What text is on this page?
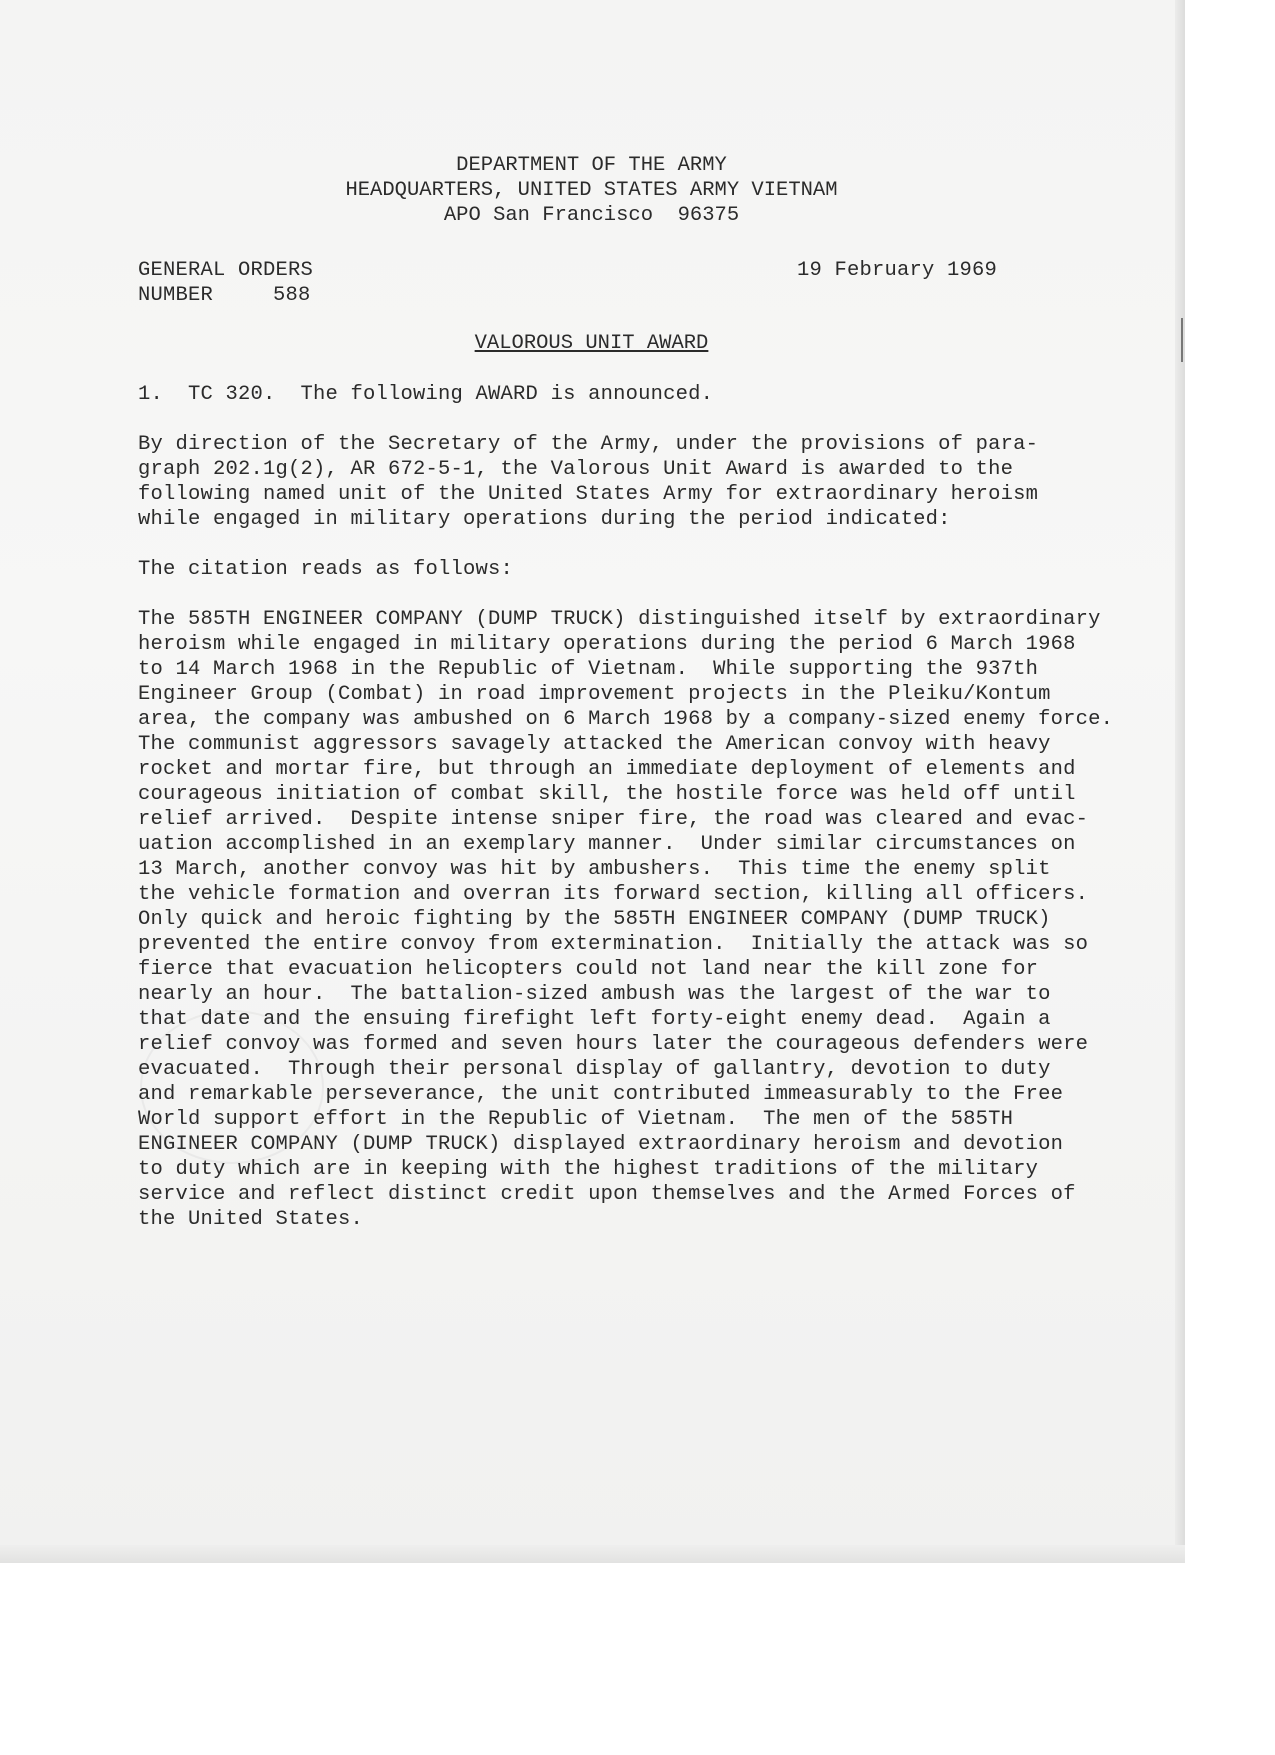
DEPARTMENT OF THE ARMY
HEADQUARTERS, UNITED STATES ARMY VIETNAM
APO San Francisco  96375
GENERAL ORDERS
NUMBER	588
19 February 1969
VALOROUS UNIT AWARD
1.  TC 320.  The following AWARD is announced.
By direction of the Secretary of the Army, under the provisions of para-
graph 202.1g(2), AR 672-5-1, the Valorous Unit Award is awarded to the
following named unit of the United States Army for extraordinary heroism
while engaged in military operations during the period indicated:
The citation reads as follows:
The 585TH ENGINEER COMPANY (DUMP TRUCK) distinguished itself by extraordinary
heroism while engaged in military operations during the period 6 March 1968
to 14 March 1968 in the Republic of Vietnam.  While supporting the 937th
Engineer Group (Combat) in road improvement projects in the Pleiku/Kontum
area, the company was ambushed on 6 March 1968 by a company-sized enemy force.
The communist aggressors savagely attacked the American convoy with heavy
rocket and mortar fire, but through an immediate deployment of elements and
courageous initiation of combat skill, the hostile force was held off until
relief arrived.  Despite intense sniper fire, the road was cleared and evac-
uation accomplished in an exemplary manner.  Under similar circumstances on
13 March, another convoy was hit by ambushers.  This time the enemy split
the vehicle formation and overran its forward section, killing all officers.
Only quick and heroic fighting by the 585TH ENGINEER COMPANY (DUMP TRUCK)
prevented the entire convoy from extermination.  Initially the attack was so
fierce that evacuation helicopters could not land near the kill zone for
nearly an hour.  The battalion-sized ambush was the largest of the war to
that date and the ensuing firefight left forty-eight enemy dead.  Again a
relief convoy was formed and seven hours later the courageous defenders were
evacuated.  Through their personal display of gallantry, devotion to duty
and remarkable perseverance, the unit contributed immeasurably to the Free
World support effort in the Republic of Vietnam.  The men of the 585TH
ENGINEER COMPANY (DUMP TRUCK) displayed extraordinary heroism and devotion
to duty which are in keeping with the highest traditions of the military
service and reflect distinct credit upon themselves and the Armed Forces of
the United States.
